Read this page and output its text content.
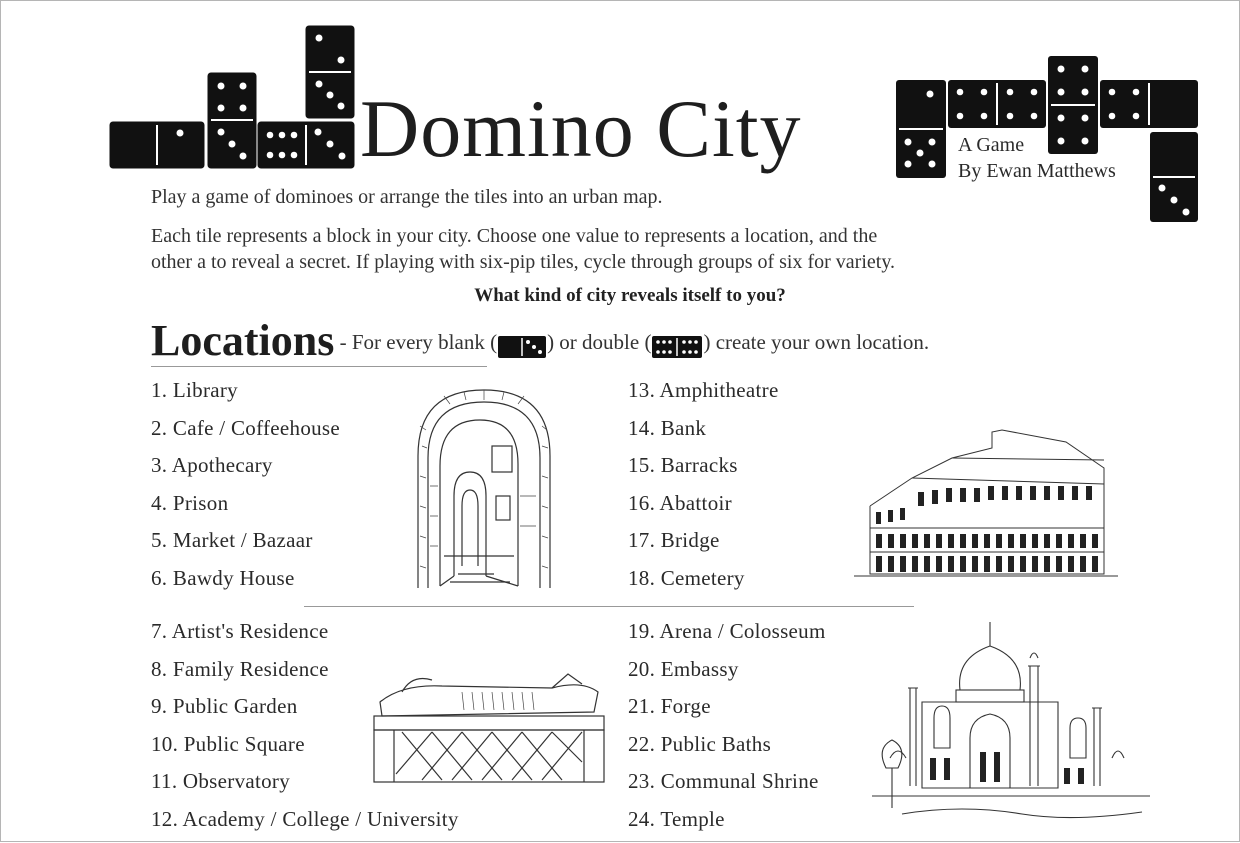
Domino City	A Game
By Ewan Matthews
Play a game of dominoes or arrange the tiles into an urban map.
Each tile represents a block in your city. Choose one value to represents a location, and the
other a to reveal a secret. If playing with six-pip tiles, cycle through groups of six for variety.
What kind of city reveals itself to you?
Locations - For every blank ( ) or double ( ) create your own location.
1. Library
2. Cafe / Coffeehouse
3. Apothecary
4. Prison
5. Market / Bazaar
6. Bawdy House
13. Amphitheatre
14. Bank
15. Barracks
16. Abattoir
17. Bridge
18. Cemetery
7. Artist's Residence
8. Family Residence
9. Public Garden
10. Public Square
11. Observatory
12. Academy / College / University
19. Arena / Colosseum
20. Embassy
21. Forge
22. Public Baths
23. Communal Shrine
24. Temple
